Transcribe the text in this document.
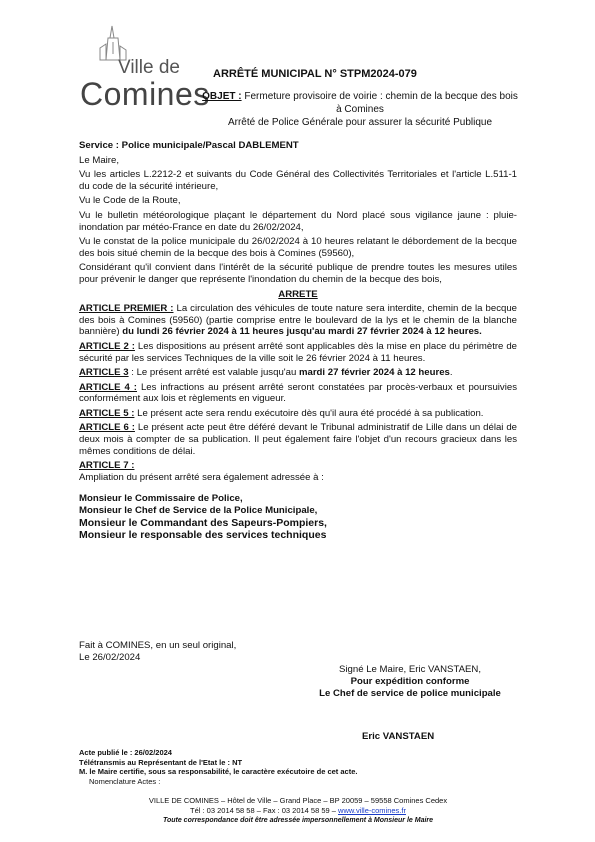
Ville de
Comines
ARRÊTÉ MUNICIPAL N° STPM2024-079
OBJET : Fermeture provisoire de voirie : chemin de la becque des bois à Comines
Arrêté de Police Générale pour assurer la sécurité Publique
Service : Police municipale/Pascal DABLEMENT
Le Maire,
Vu les articles L.2212-2 et suivants du Code Général des Collectivités Territoriales et l'article L.511-1 du code de la sécurité intérieure,
Vu le Code de la Route,
Vu le bulletin météorologique plaçant le département du Nord placé sous vigilance jaune : pluie-inondation par météo-France en date du 26/02/2024,
Vu le constat de la police municipale du 26/02/2024 à 10 heures relatant le débordement de la becque des bois situé chemin de la becque des bois à Comines (59560),
Considérant qu'il convient dans l'intérêt de la sécurité publique de prendre toutes les mesures utiles pour prévenir le danger que représente l'inondation du chemin de la becque des bois,
ARRETE
ARTICLE PREMIER : La circulation des véhicules de toute nature sera interdite, chemin de la becque des bois à Comines (59560) (partie comprise entre le boulevard de la lys et le chemin de la blanche bannière) du lundi 26 février 2024 à 11 heures jusqu'au mardi 27 février 2024 à 12 heures.
ARTICLE 2 : Les dispositions au présent arrêté sont applicables dès la mise en place du périmètre de sécurité par les services Techniques de la ville soit le 26 février 2024 à 11 heures.
ARTICLE 3 : Le présent arrêté est valable jusqu'au mardi 27 février 2024 à 12 heures.
ARTICLE 4 : Les infractions au présent arrêté seront constatées par procès-verbaux et poursuivies conformément aux lois et règlements en vigueur.
ARTICLE 5 : Le présent acte sera rendu exécutoire dès qu'il aura été procédé à sa publication.
ARTICLE 6 : Le présent acte peut être déféré devant le Tribunal administratif de Lille dans un délai de deux mois à compter de sa publication. Il peut également faire l'objet d'un recours gracieux dans les mêmes conditions de délai.
ARTICLE 7 :
Ampliation du présent arrêté sera également adressée à :
Monsieur le Commissaire de Police,
Monsieur le Chef de Service de la Police Municipale,
Monsieur le Commandant des Sapeurs-Pompiers,
Monsieur le responsable des services techniques
Fait à COMINES, en un seul original,
Le 26/02/2024
Signé Le Maire, Eric VANSTAEN,
Pour expédition conforme
Le Chef de service de police municipale
Eric VANSTAEN
Acte publié le : 26/02/2024
Télétransmis au Représentant de l'Etat le : NT
M. le Maire certifie, sous sa responsabilité, le caractère exécutoire de cet acte.
Nomenclature Actes :
VILLE DE COMINES – Hôtel de Ville – Grand Place – BP 20059 – 59558 Comines Cedex
Tél : 03 2014 58 58 – Fax : 03 2014 58 59 – www.ville-comines.fr
Toute correspondance doit être adressée impersonnellement à Monsieur le Maire
